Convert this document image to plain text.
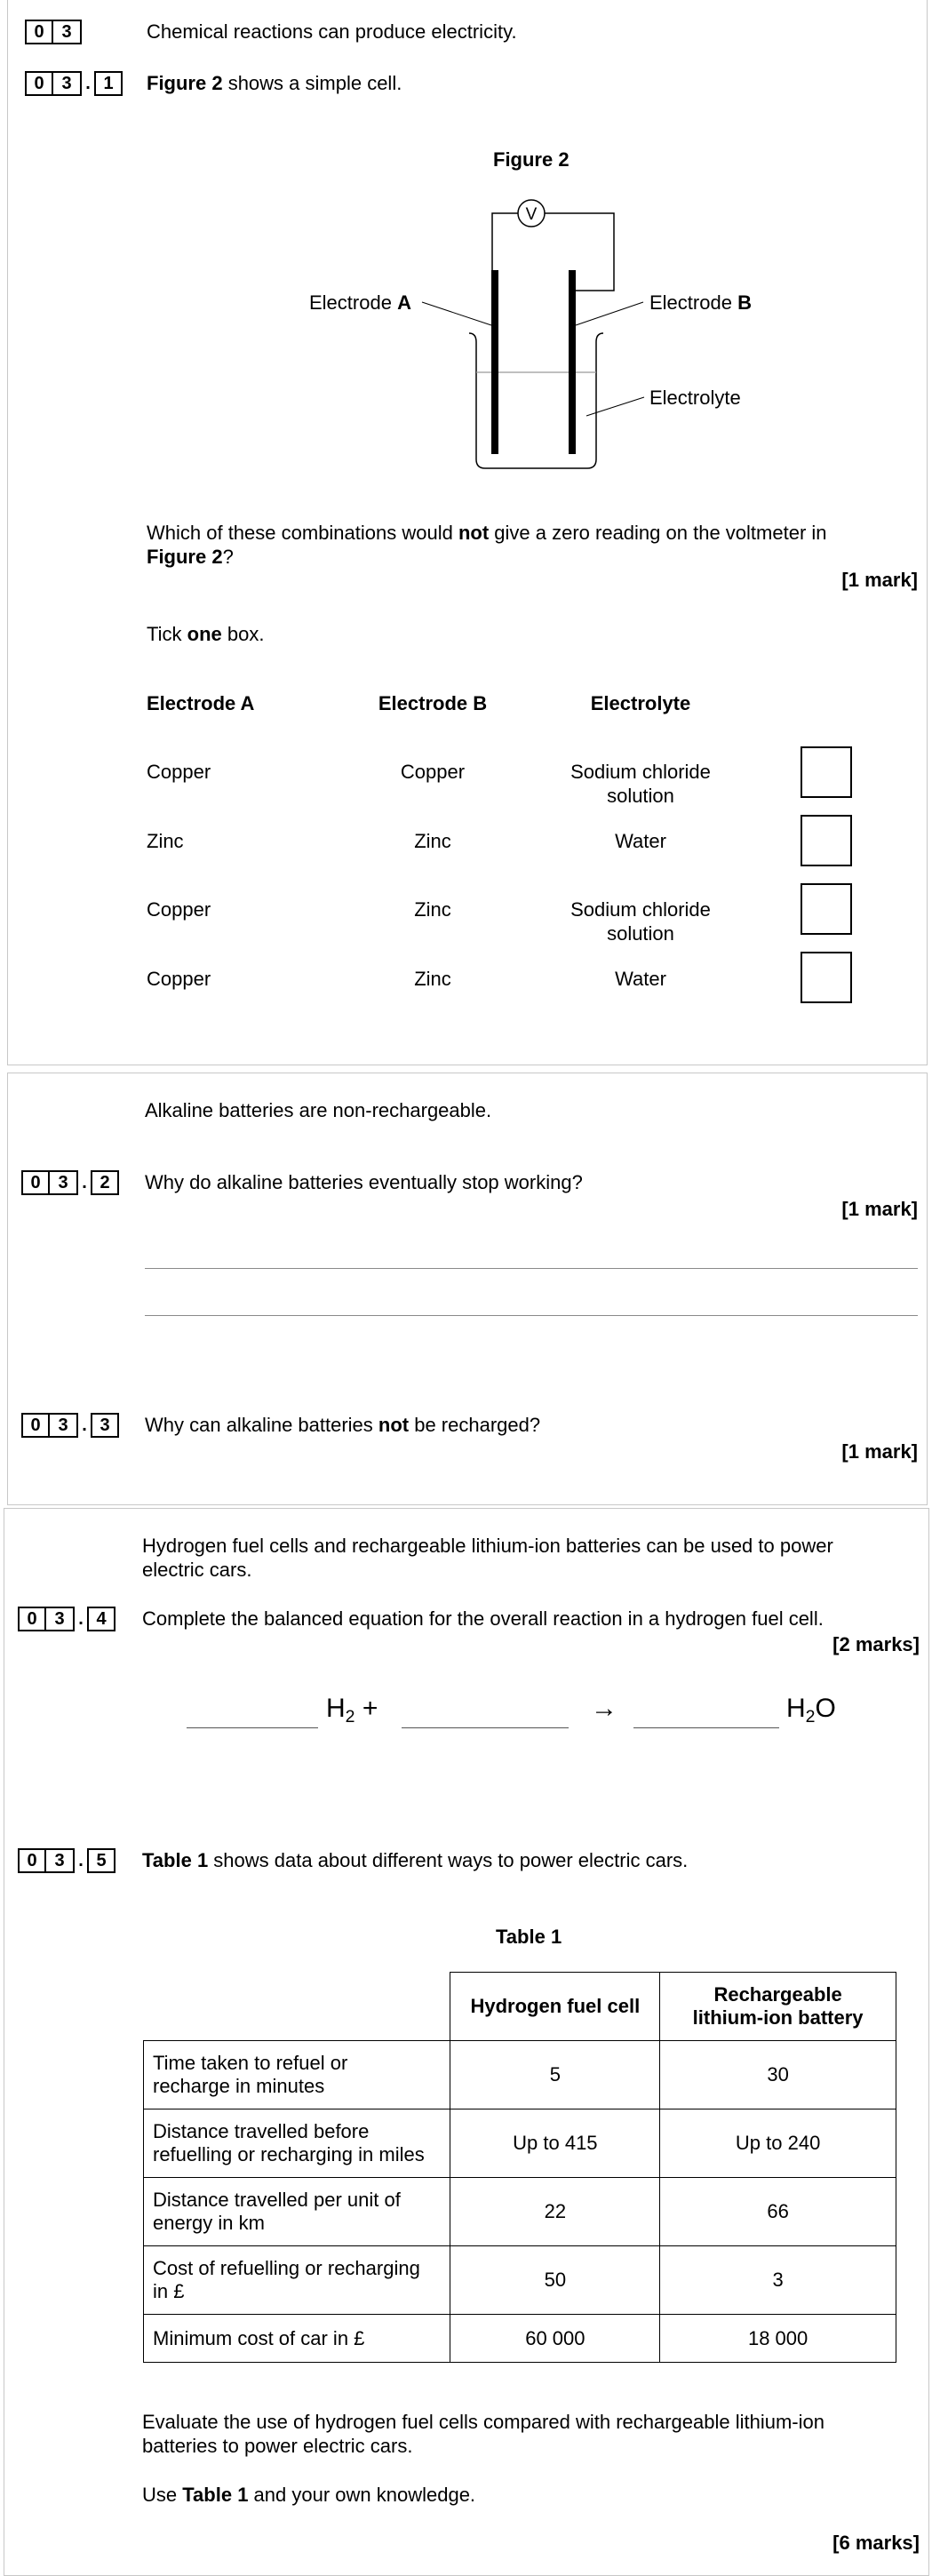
0 3	Chemical reactions can produce electricity.
0 3 . 1	Figure 2 shows a simple cell.
Figure 2
V
Electrode A	Electrode B
Electrolyte
Which of these combinations would not give a zero reading on the voltmeter in
Figure 2?
[1 mark]
Tick one box.
Electrode A	Electrode B	Electrolyte
Copper	Copper	Sodium chloride
solution
Zinc	Zinc	Water
Copper	Zinc	Sodium chloride
solution
Copper	Zinc	Water
Alkaline batteries are non-rechargeable.
0 3 . 2	Why do alkaline batteries eventually stop working?
[1 mark]
0 3 . 3	Why can alkaline batteries not be recharged?
[1 mark]
Hydrogen fuel cells and rechargeable lithium-ion batteries can be used to power
electric cars.
0 3 . 4	Complete the balanced equation for the overall reaction in a hydrogen fuel cell.
[2 marks]
$H_2$ +	→	$H_2O$
0 3 . 5	Table 1 shows data about different ways to power electric cars.
Table 1
	Hydrogen fuel cell	Rechargeable
lithium-ion battery
Time taken to refuel or
recharge in minutes	5	30
Distance travelled before
refuelling or recharging in miles	Up to 415	Up to 240
Distance travelled per unit of
energy in km	22	66
Cost of refuelling or recharging
in £	50	3
Minimum cost of car in £	60 000	18 000
Evaluate the use of hydrogen fuel cells compared with rechargeable lithium-ion
batteries to power electric cars.
Use Table 1 and your own knowledge.
[6 marks]
